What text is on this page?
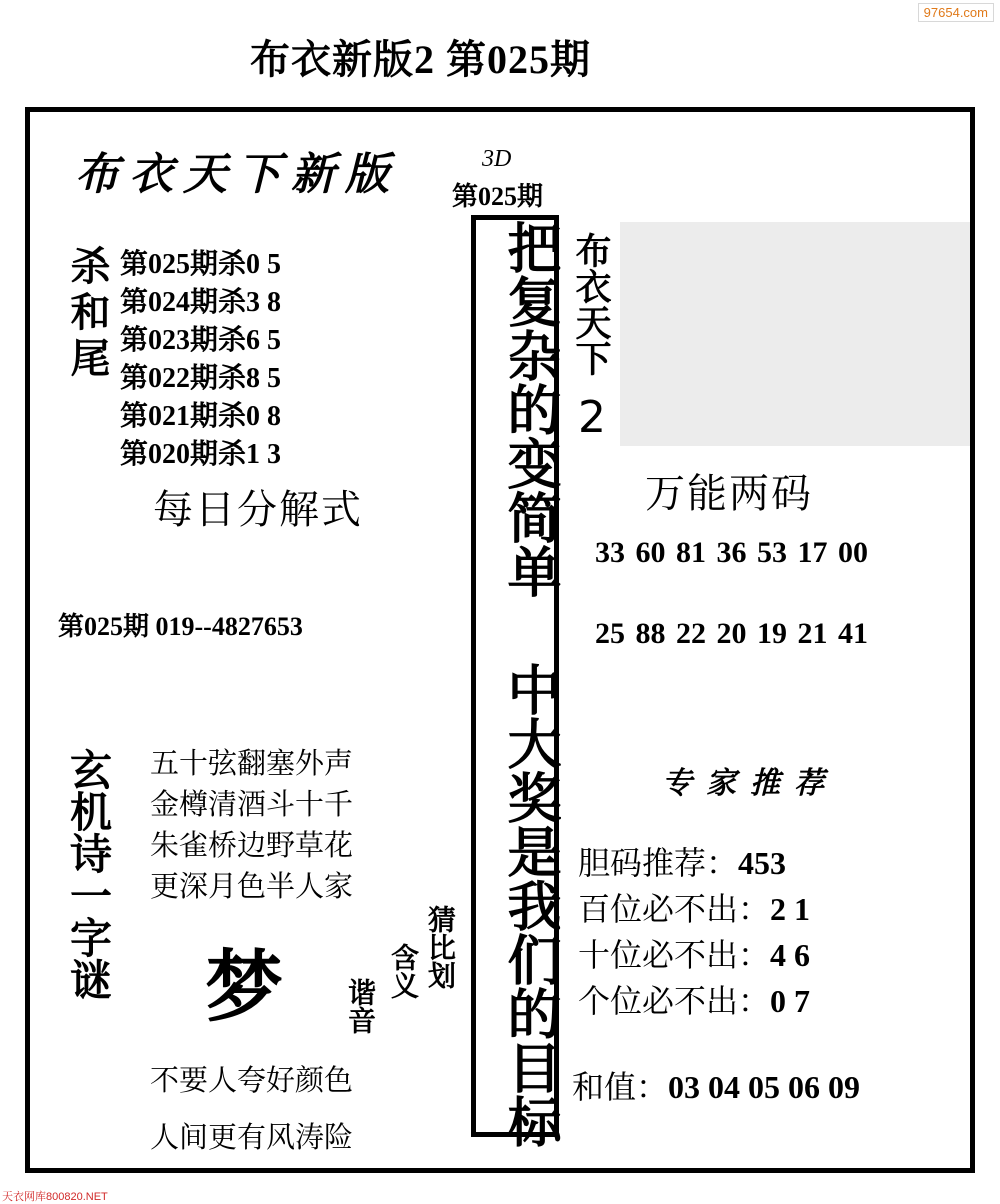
布衣新版2 第025期
97654.com
布衣天下新版	3D
第025期
杀和尾 第025期杀0 5
第024期杀3 8
第023期杀6 5
第022期杀8 5
第021期杀0 8
第020期杀1 3
每日分解式
第025期 019--4827653	把复杂的变简单 中大奖是我们的目标 布衣天下
2
万能两码
33 60 81 36 53 17 00
25 88 22 20 19 21 41
专家推荐
胆码推荐：453
百位必不出：2 1
十位必不出：4 6
个位必不出：0 7
和值：03 04 05 06 09
玄机诗一字谜 五十弦翻塞外声
金樽清酒斗十千
朱雀桥边野草花
更深月色半人家
梦	猜比划
含义
谐音
不要人夸好颜色
人间更有风涛险
天衣网库800820.NET
